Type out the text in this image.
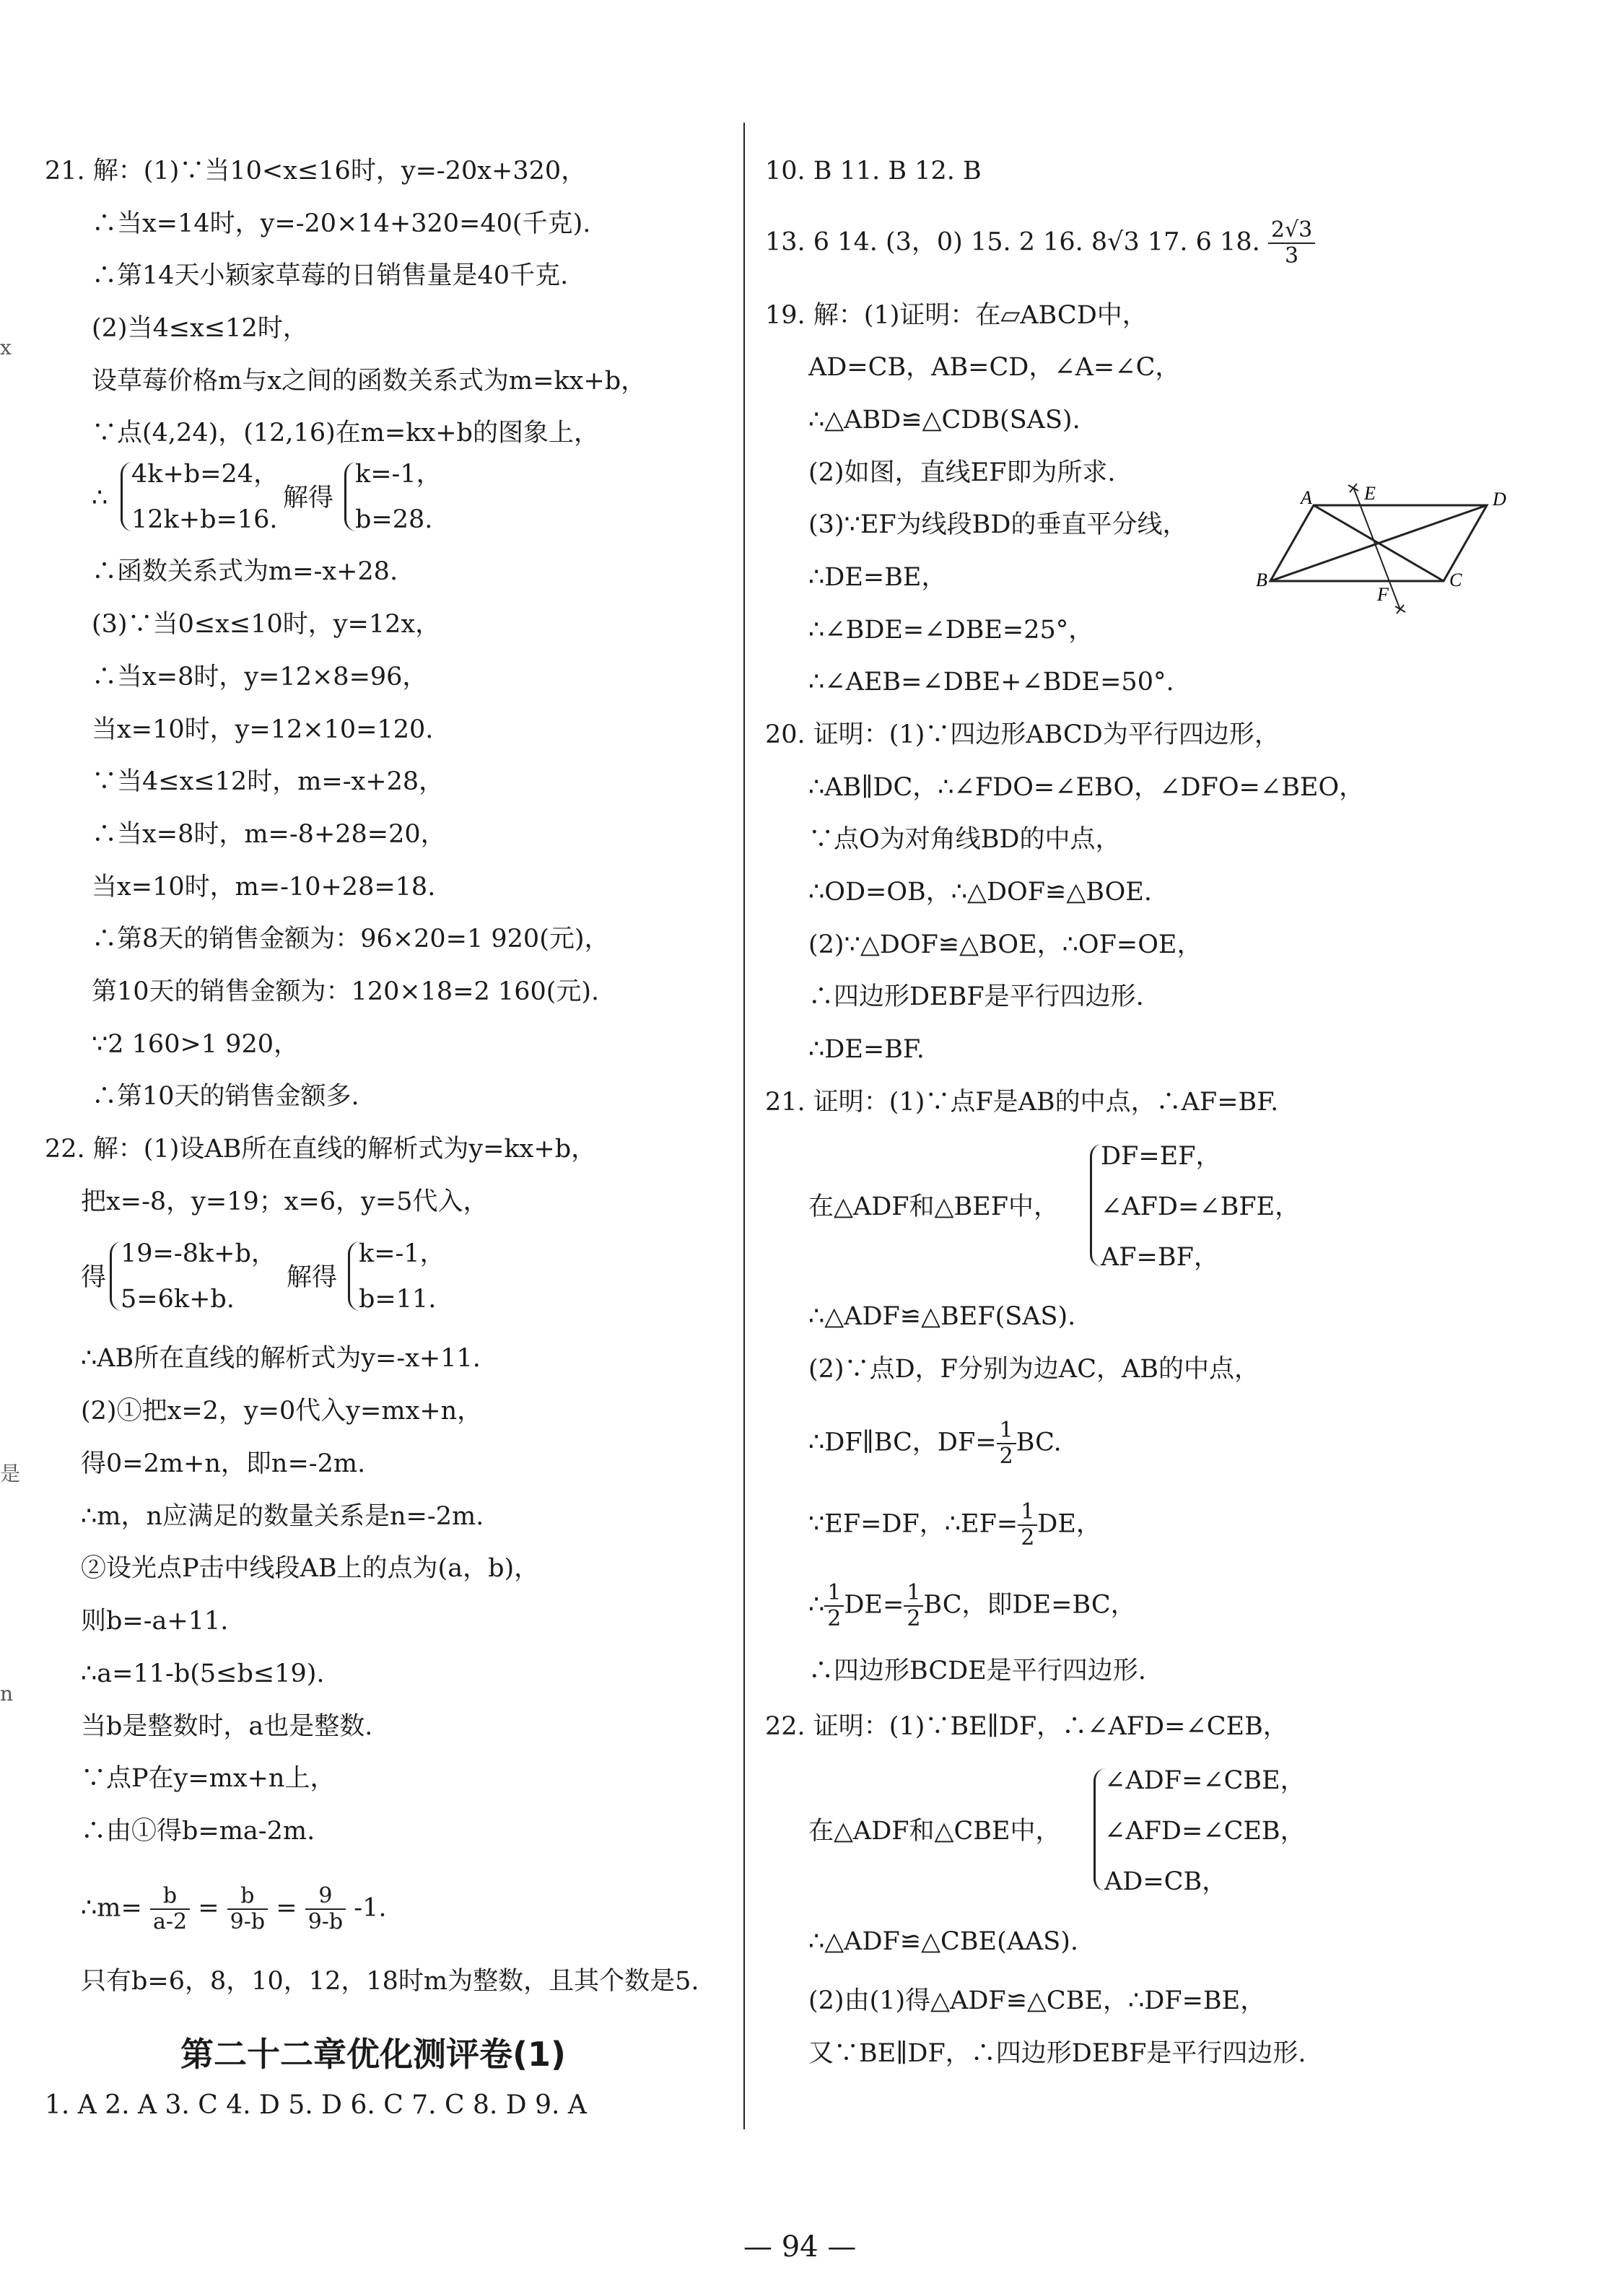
x
是
n
21. 解：(1)∵当10<x≤16时，y=-20x+320，
∴当x=14时，y=-20×14+320=40(千克).
∴第14天小颖家草莓的日销售量是40千克.
(2)当4≤x≤12时，
设草莓价格m与x之间的函数关系式为m=kx+b，
∵点(4,24)，(12,16)在m=kx+b的图象上，
∴
4k+b=24，
12k+b=16.
解得
k=-1，
b=28.
∴函数关系式为m=-x+28.
(3)∵当0≤x≤10时，y=12x，
∴当x=8时，y=12×8=96，
当x=10时，y=12×10=120.
∵当4≤x≤12时，m=-x+28，
∴当x=8时，m=-8+28=20，
当x=10时，m=-10+28=18.
∴第8天的销售金额为：96×20=1 920(元)，
第10天的销售金额为：120×18=2 160(元).
∵2 160>1 920，
∴第10天的销售金额多.
22. 解：(1)设AB所在直线的解析式为y=kx+b，
把x=-8，y=19；x=6，y=5代入，
得
19=-8k+b，
5=6k+b.
解得
k=-1，
b=11.
∴AB所在直线的解析式为y=-x+11.
(2)①把x=2，y=0代入y=mx+n，
得0=2m+n，即n=-2m.
∴m，n应满足的数量关系是n=-2m.
②设光点P击中线段AB上的点为(a，b)，
则b=-a+11.
∴a=11-b(5≤b≤19).
当b是整数时，a也是整数.
∵点P在y=mx+n上，
∴由①得b=ma-2m.
∴m= $\frac{b}{a-2} = \frac{b}{9-b} = \frac{9}{9-b} -1$.
只有b=6，8，10，12，18时m为整数，且其个数是5.
第二十二章优化测评卷(1)
1. A 2. A 3. C 4. D 5. D 6. C 7. C 8. D 9. A
10. B 11. B 12. B
13. 6 14. (3，0) 15. 2 16. 8√3 17. 6 18. $\frac{2√3}{3}$
19. 解：(1)证明：在▱ABCD中，
AD=CB，AB=CD，∠A=∠C，
∴△ABD≌△CDB(SAS).
(2)如图，直线EF即为所求.
(3)∵EF为线段BD的垂直平分线，
∴DE=BE，
∴∠BDE=∠DBE=25°，
∴∠AEB=∠DBE+∠BDE=50°.
A	E	D
B
F
C
20. 证明：(1)∵四边形ABCD为平行四边形，
∴AB∥DC，∴∠FDO=∠EBO，∠DFO=∠BEO，
∵点O为对角线BD的中点，
∴OD=OB，∴△DOF≌△BOE.
(2)∵△DOF≌△BOE，∴OF=OE，
∴四边形DEBF是平行四边形.
∴DE=BF.
21. 证明：(1)∵点F是AB的中点，∴AF=BF.
在△ADF和△BEF中，
DF=EF，
∠AFD=∠BFE，
AF=BF，
∴△ADF≌△BEF(SAS).
(2)∵点D，F分别为边AC，AB的中点，
∴DF∥BC，$DF= \frac{1}{2}$ BC.
∵EF=DF，∴EF= $\frac{1}{2}$ DE，
∴ $\frac{1}{2} DE= \frac{1}{2}$ BC，即DE=BC，
∴四边形BCDE是平行四边形.
22. 证明：(1)∵BE∥DF，∴∠AFD=∠CEB，
在△ADF和△CBE中，
∠ADF=∠CBE，
∠AFD=∠CEB，
AD=CB，
∴△ADF≌△CBE(AAS).
(2)由(1)得△ADF≌△CBE，∴DF=BE，
又∵BE∥DF，∴四边形DEBF是平行四边形.
— 94 —
